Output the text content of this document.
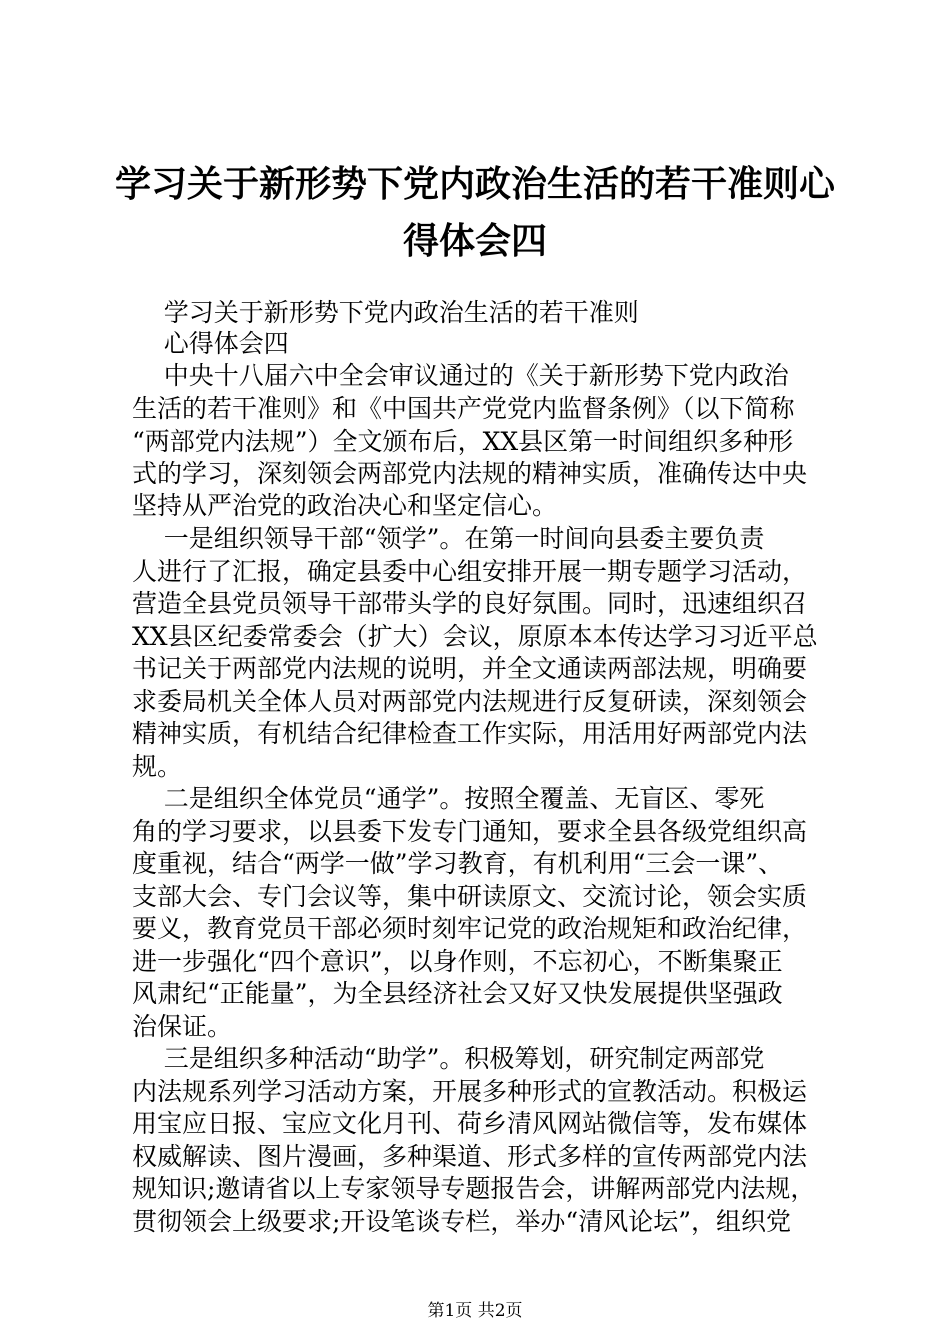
学习关于新形势下党内政治生活的若干准则心
得体会四
学习关于新形势下党内政治生活的若干准则
心得体会四
中央十八届六中全会审议通过的《关于新形势下党内政治
生活的若干准则》和《中国共产党党内监督条例》（以下简称
“两部党内法规”）全文颁布后，XX县区第一时间组织多种形
式的学习，深刻领会两部党内法规的精神实质，准确传达中央
坚持从严治党的政治决心和坚定信心。
一是组织领导干部“领学”。在第一时间向县委主要负责
人进行了汇报，确定县委中心组安排开展一期专题学习活动，
营造全县党员领导干部带头学的良好氛围。同时，迅速组织召
XX县区纪委常委会（扩大）会议，原原本本传达学习习近平总
书记关于两部党内法规的说明，并全文通读两部法规，明确要
求委局机关全体人员对两部党内法规进行反复研读，深刻领会
精神实质，有机结合纪律检查工作实际，用活用好两部党内法
规。
二是组织全体党员“通学”。按照全覆盖、无盲区、零死
角的学习要求，以县委下发专门通知，要求全县各级党组织高
度重视，结合“两学一做”学习教育，有机利用“三会一课”、
支部大会、专门会议等，集中研读原文、交流讨论，领会实质
要义，教育党员干部必须时刻牢记党的政治规矩和政治纪律，
进一步强化“四个意识”，以身作则，不忘初心，不断集聚正
风肃纪“正能量”，为全县经济社会又好又快发展提供坚强政
治保证。
三是组织多种活动“助学”。积极筹划，研究制定两部党
内法规系列学习活动方案，开展多种形式的宣教活动。积极运
用宝应日报、宝应文化月刊、荷乡清风网站微信等，发布媒体
权威解读、图片漫画，多种渠道、形式多样的宣传两部党内法
规知识;邀请省以上专家领导专题报告会，讲解两部党内法规，
贯彻领会上级要求;开设笔谈专栏，举办“清风论坛”，组织党
第1页 共2页
